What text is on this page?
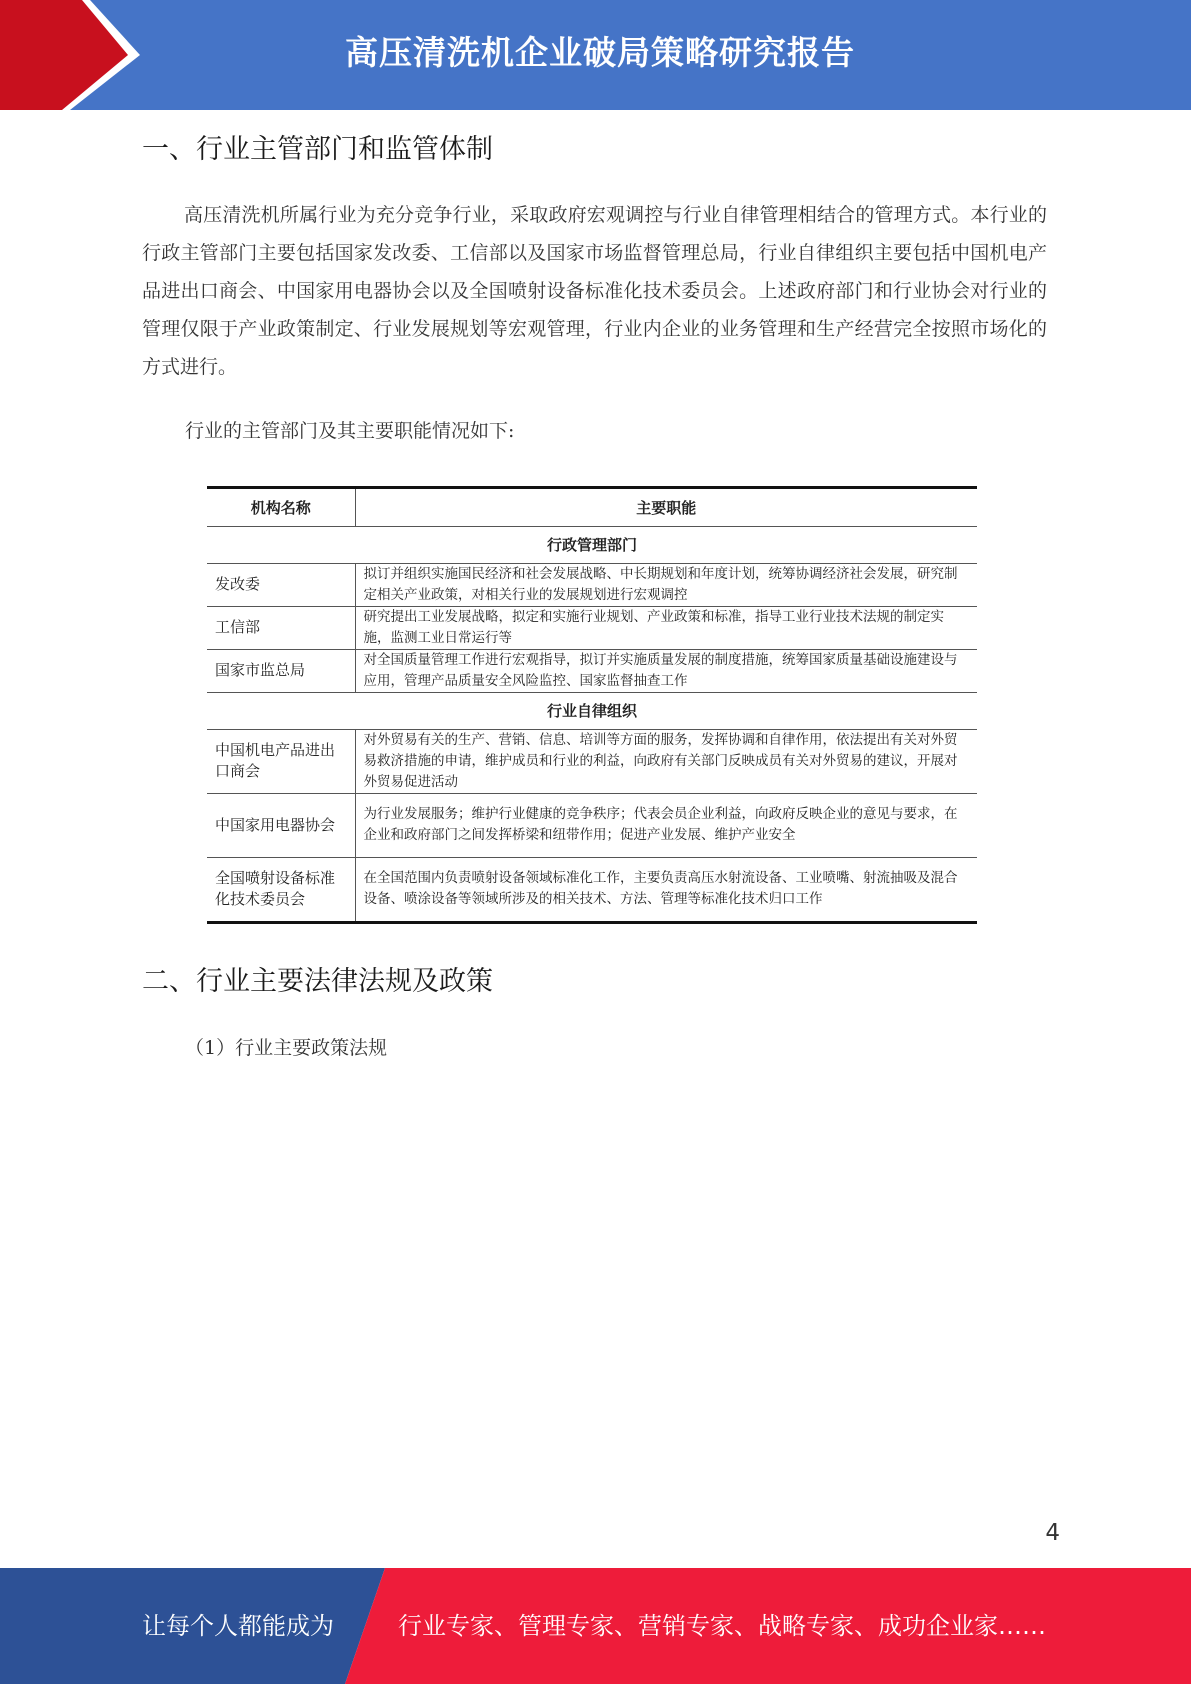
高压清洗机企业破局策略研究报告
一、行业主管部门和监管体制

高压清洗机所属行业为充分竞争行业，采取政府宏观调控与行业自律管理相结合的管理方式。本行业的行政主管部门主要包括国家发改委、工信部以及国家市场监督管理总局，行业自律组织主要包括中国机电产品进出口商会、中国家用电器协会以及全国喷射设备标准化技术委员会。上述政府部门和行业协会对行业的管理仅限于产业政策制定、行业发展规划等宏观管理，行业内企业的业务管理和生产经营完全按照市场化的方式进行。

行业的主管部门及其主要职能情况如下:
机构名称	主要职能
行政管理部门	
发改委	拟订并组织实施国民经济和社会发展战略、中长期规划和年度计划，统筹协调经济社会发展，研究制定相关产业政策，对相关行业的发展规划进行宏观调控
工信部	研究提出工业发展战略，拟定和实施行业规划、产业政策和标准，指导工业行业技术法规的制定实施，监测工业日常运行等
国家市监总局	对全国质量管理工作进行宏观指导，拟订并实施质量发展的制度措施，统筹国家质量基础设施建设与应用，管理产品质量安全风险监控、国家监督抽查工作
行业自律组织	
中国机电产品进出口商会	对外贸易有关的生产、营销、信息、培训等方面的服务，发挥协调和自律作用，依法提出有关对外贸易救济措施的申请，维护成员和行业的利益，向政府有关部门反映成员有关对外贸易的建议，开展对外贸易促进活动
中国家用电器协会	为行业发展服务；维护行业健康的竞争秩序；代表会员企业利益，向政府反映企业的意见与要求，在企业和政府部门之间发挥桥梁和纽带作用；促进产业发展、维护产业安全
全国喷射设备标准化技术委员会	在全国范围内负责喷射设备领域标准化工作，主要负责高压水射流设备、工业喷嘴、射流抽吸及混合设备、喷涂设备等领域所涉及的相关技术、方法、管理等标准化技术归口工作
二、行业主要法律法规及政策
（1）行业主要政策法规
4
让每个人都能成为	行业专家、管理专家、营销专家、战略专家、成功企业家……
